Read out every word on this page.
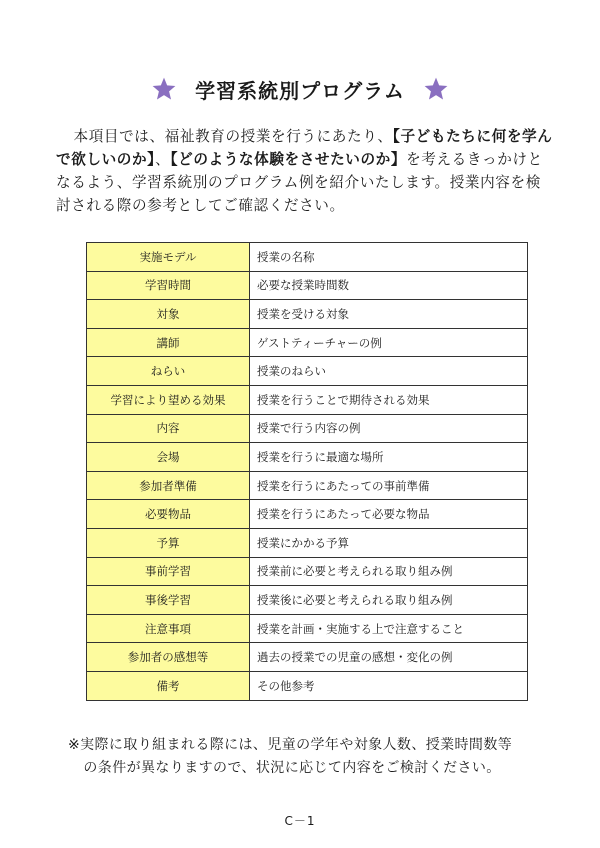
学習系統別プログラム

本項目では、福祉教育の授業を行うにあたり、【子どもたちに何を学んで欲しいのか】、【どのような体験をさせたいのか】を考えるきっかけとなるよう、学習系統別のプログラム例を紹介いたします。授業内容を検討される際の参考としてご確認ください。

実施モデル	授業の名称
学習時間	必要な授業時間数
対象	授業を受ける対象
講師	ゲストティーチャーの例
ねらい	授業のねらい
学習により望める効果	授業を行うことで期待される効果
内容	授業で行う内容の例
会場	授業を行うに最適な場所
参加者準備	授業を行うにあたっての事前準備
必要物品	授業を行うにあたって必要な物品
予算	授業にかかる予算
事前学習	授業前に必要と考えられる取り組み例
事後学習	授業後に必要と考えられる取り組み例
注意事項	授業を計画・実施する上で注意すること
参加者の感想等	過去の授業での児童の感想・変化の例
備考	その他参考
※実際に取り組まれる際には、児童の学年や対象人数、授業時間数等
の条件が異なりますので、状況に応じて内容をご検討ください。
C－1
